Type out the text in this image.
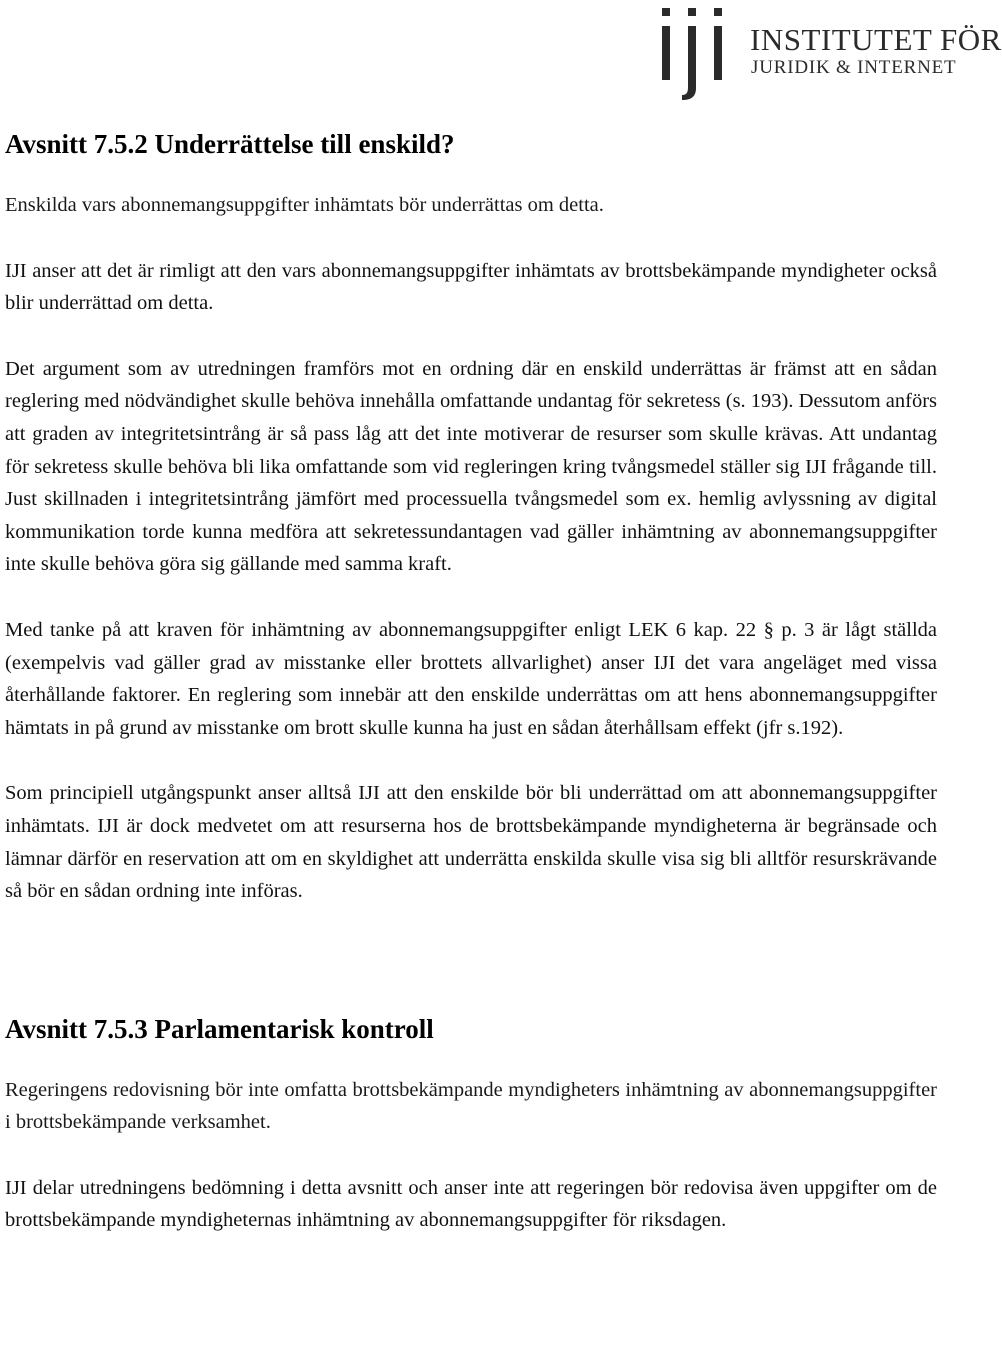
INSTITUTET FÖR
JURIDIK & INTERNET
Avsnitt 7.5.2 Underrättelse till enskild?

Enskilda vars abonnemangsuppgifter inhämtats bör underrättas om detta.

IJI anser att det är rimligt att den vars abonnemangsuppgifter inhämtats av brottsbekämpande myndigheter också blir underrättad om detta.

Det argument som av utredningen framförs mot en ordning där en enskild underrättas är främst att en sådan reglering med nödvändighet skulle behöva innehålla omfattande undantag för sekretess (s. 193). Dessutom anförs att graden av integritetsintrång är så pass låg att det inte motiverar de resurser som skulle krävas. Att undantag för sekretess skulle behöva bli lika omfattande som vid regleringen kring tvångsmedel ställer sig IJI frågande till. Just skillnaden i integritetsintrång jämfört med processuella tvångsmedel som ex. hemlig avlyssning av digital kommunikation torde kunna medföra att sekretessundantagen vad gäller inhämtning av abonnemangsuppgifter inte skulle behöva göra sig gällande med samma kraft.

Med tanke på att kraven för inhämtning av abonnemangsuppgifter enligt LEK 6 kap. 22 § p. 3 är lågt ställda (exempelvis vad gäller grad av misstanke eller brottets allvarlighet) anser IJI det vara angeläget med vissa återhållande faktorer. En reglering som innebär att den enskilde underrättas om att hens abonnemangsuppgifter hämtats in på grund av misstanke om brott skulle kunna ha just en sådan återhållsam effekt (jfr s.192).

Som principiell utgångspunkt anser alltså IJI att den enskilde bör bli underrättad om att abonnemangsuppgifter inhämtats. IJI är dock medvetet om att resurserna hos de brottsbekämpande myndigheterna är begränsade och lämnar därför en reservation att om en skyldighet att underrätta enskilda skulle visa sig bli alltför resurskrävande så bör en sådan ordning inte införas.

Avsnitt 7.5.3 Parlamentarisk kontroll

Regeringens redovisning bör inte omfatta brottsbekämpande myndigheters inhämtning av abonnemangsuppgifter i brottsbekämpande verksamhet.

IJI delar utredningens bedömning i detta avsnitt och anser inte att regeringen bör redovisa även uppgifter om de brottsbekämpande myndigheternas inhämtning av abonnemangsuppgifter för riksdagen.
